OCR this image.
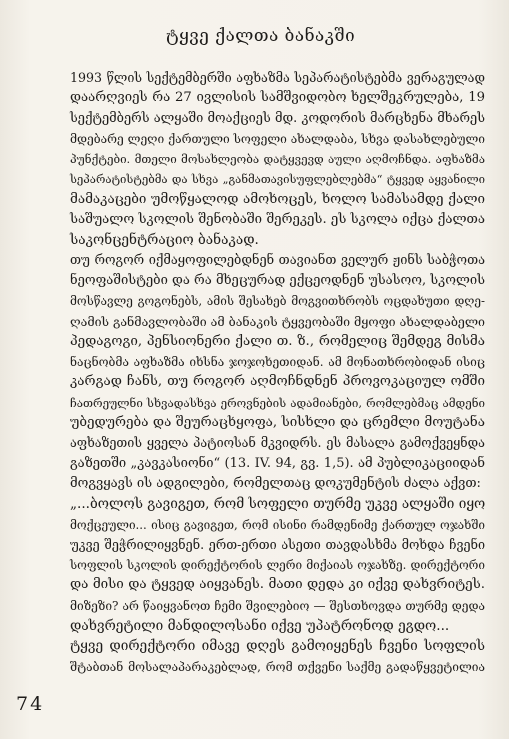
ტყვე ქალთა ბანაკში

1993 წლის სექტემბერში აფხაზმა სეპარატისტებმა ვერაგულად
დაარღვიეს რა 27 ივლისის სამშვიდობო ხელშეკრულება, 19
სექტემბერს ალყაში მოაქციეს მდ. კოდორის მარცხენა მხარეს
მდებარე ლეღი ქართული სოფელი ახალდაბა, სხვა დასახლებული
პუნქტები. მთელი მოსახლეობა დატყვევდ აული აღმოჩნდა. აფხაზმა
სეპარატისტებმა და სხვა „განმათავისუფლებლებმა“ ტყვედ აყვანილი
მამაკაცები უმოწყალოდ ამოხოცეს, ხოლო სამასამდე ქალი
საშუალო სკოლის შენობაში შერეკეს. ეს სკოლა იქცა ქალთა
საკონცენტრაციო ბანაკად.

თუ როგორ იქმაყოფილებდნენ თავიანთ ველურ ჟინს საბჭოთა
ნეოფაშისტები და რა მხეცურად ექცეოდნენ უსასოო, სკოლის
მოსწავლე გოგონებს, ამის შესახებ მოგვითხრობს ოცდახუთი დღე-
ღამის განმავლობაში ამ ბანაკის ტყვეობაში მყოფი ახალდაბელი
პედაგოგი, პენსიონერი ქალი თ. ზ., რომელიც შემდეგ მისმა
ნაცნობმა აფხაზმა იხსნა ჯოჯოხეთიდან. ამ მონათხრობიდან ისიც
კარგად ჩანს, თუ როგორ აღმოჩნდნენ პროვოკაციულ ომში
ჩათრეულნი სხვადასხვა ეროვნების ადამიანები, რომლებმაც ამდენი
უბედურება და შეურაცხყოფა, სისხლი და ცრემლი მოუტანა
აფხაზეთის ყველა პატიოსან მკვიდრს. ეს მასალა გამოქვეყნდა
გაზეთში „კავკასიონი“ (13. IV. 94, გვ. 1,5). ამ პუბლიკაციიდან
მოგვყავს ის ადგილები, რომელთაც დოკუმენტის ძალა აქვთ:

„...ბოლოს გავიგეთ, რომ სოფელი თურმე უკვე ალყაში იყო
მოქცეული... ისიც გავიგეთ, რომ ისინი რამდენიმე ქართულ ოჯახში
უკვე შეჭრილიყვნენ. ერთ-ერთი ასეთი თავდასხმა მოხდა ჩვენი
სოფლის სკოლის დირექტორის ლერი მიქაიას ოჯახზე. დირექტორი
და მისი და ტყვედ აიყვანეს. მათი დედა კი იქვე დახვრიტეს.
მიზეზი? არ წაიყვანოთ ჩემი შვილებიო — შესთხოვდა თურმე დედა
დახვრეტილი მანდილოსანი იქვე უპატრონოდ ეგდო...

ტყვე დირექტორი იმავე დღეს გამოიყენეს ჩვენი სოფლის
შტაბთან მოსალაპარაკებლად, რომ თქვენი საქმე გადაწყვეტილია

74
